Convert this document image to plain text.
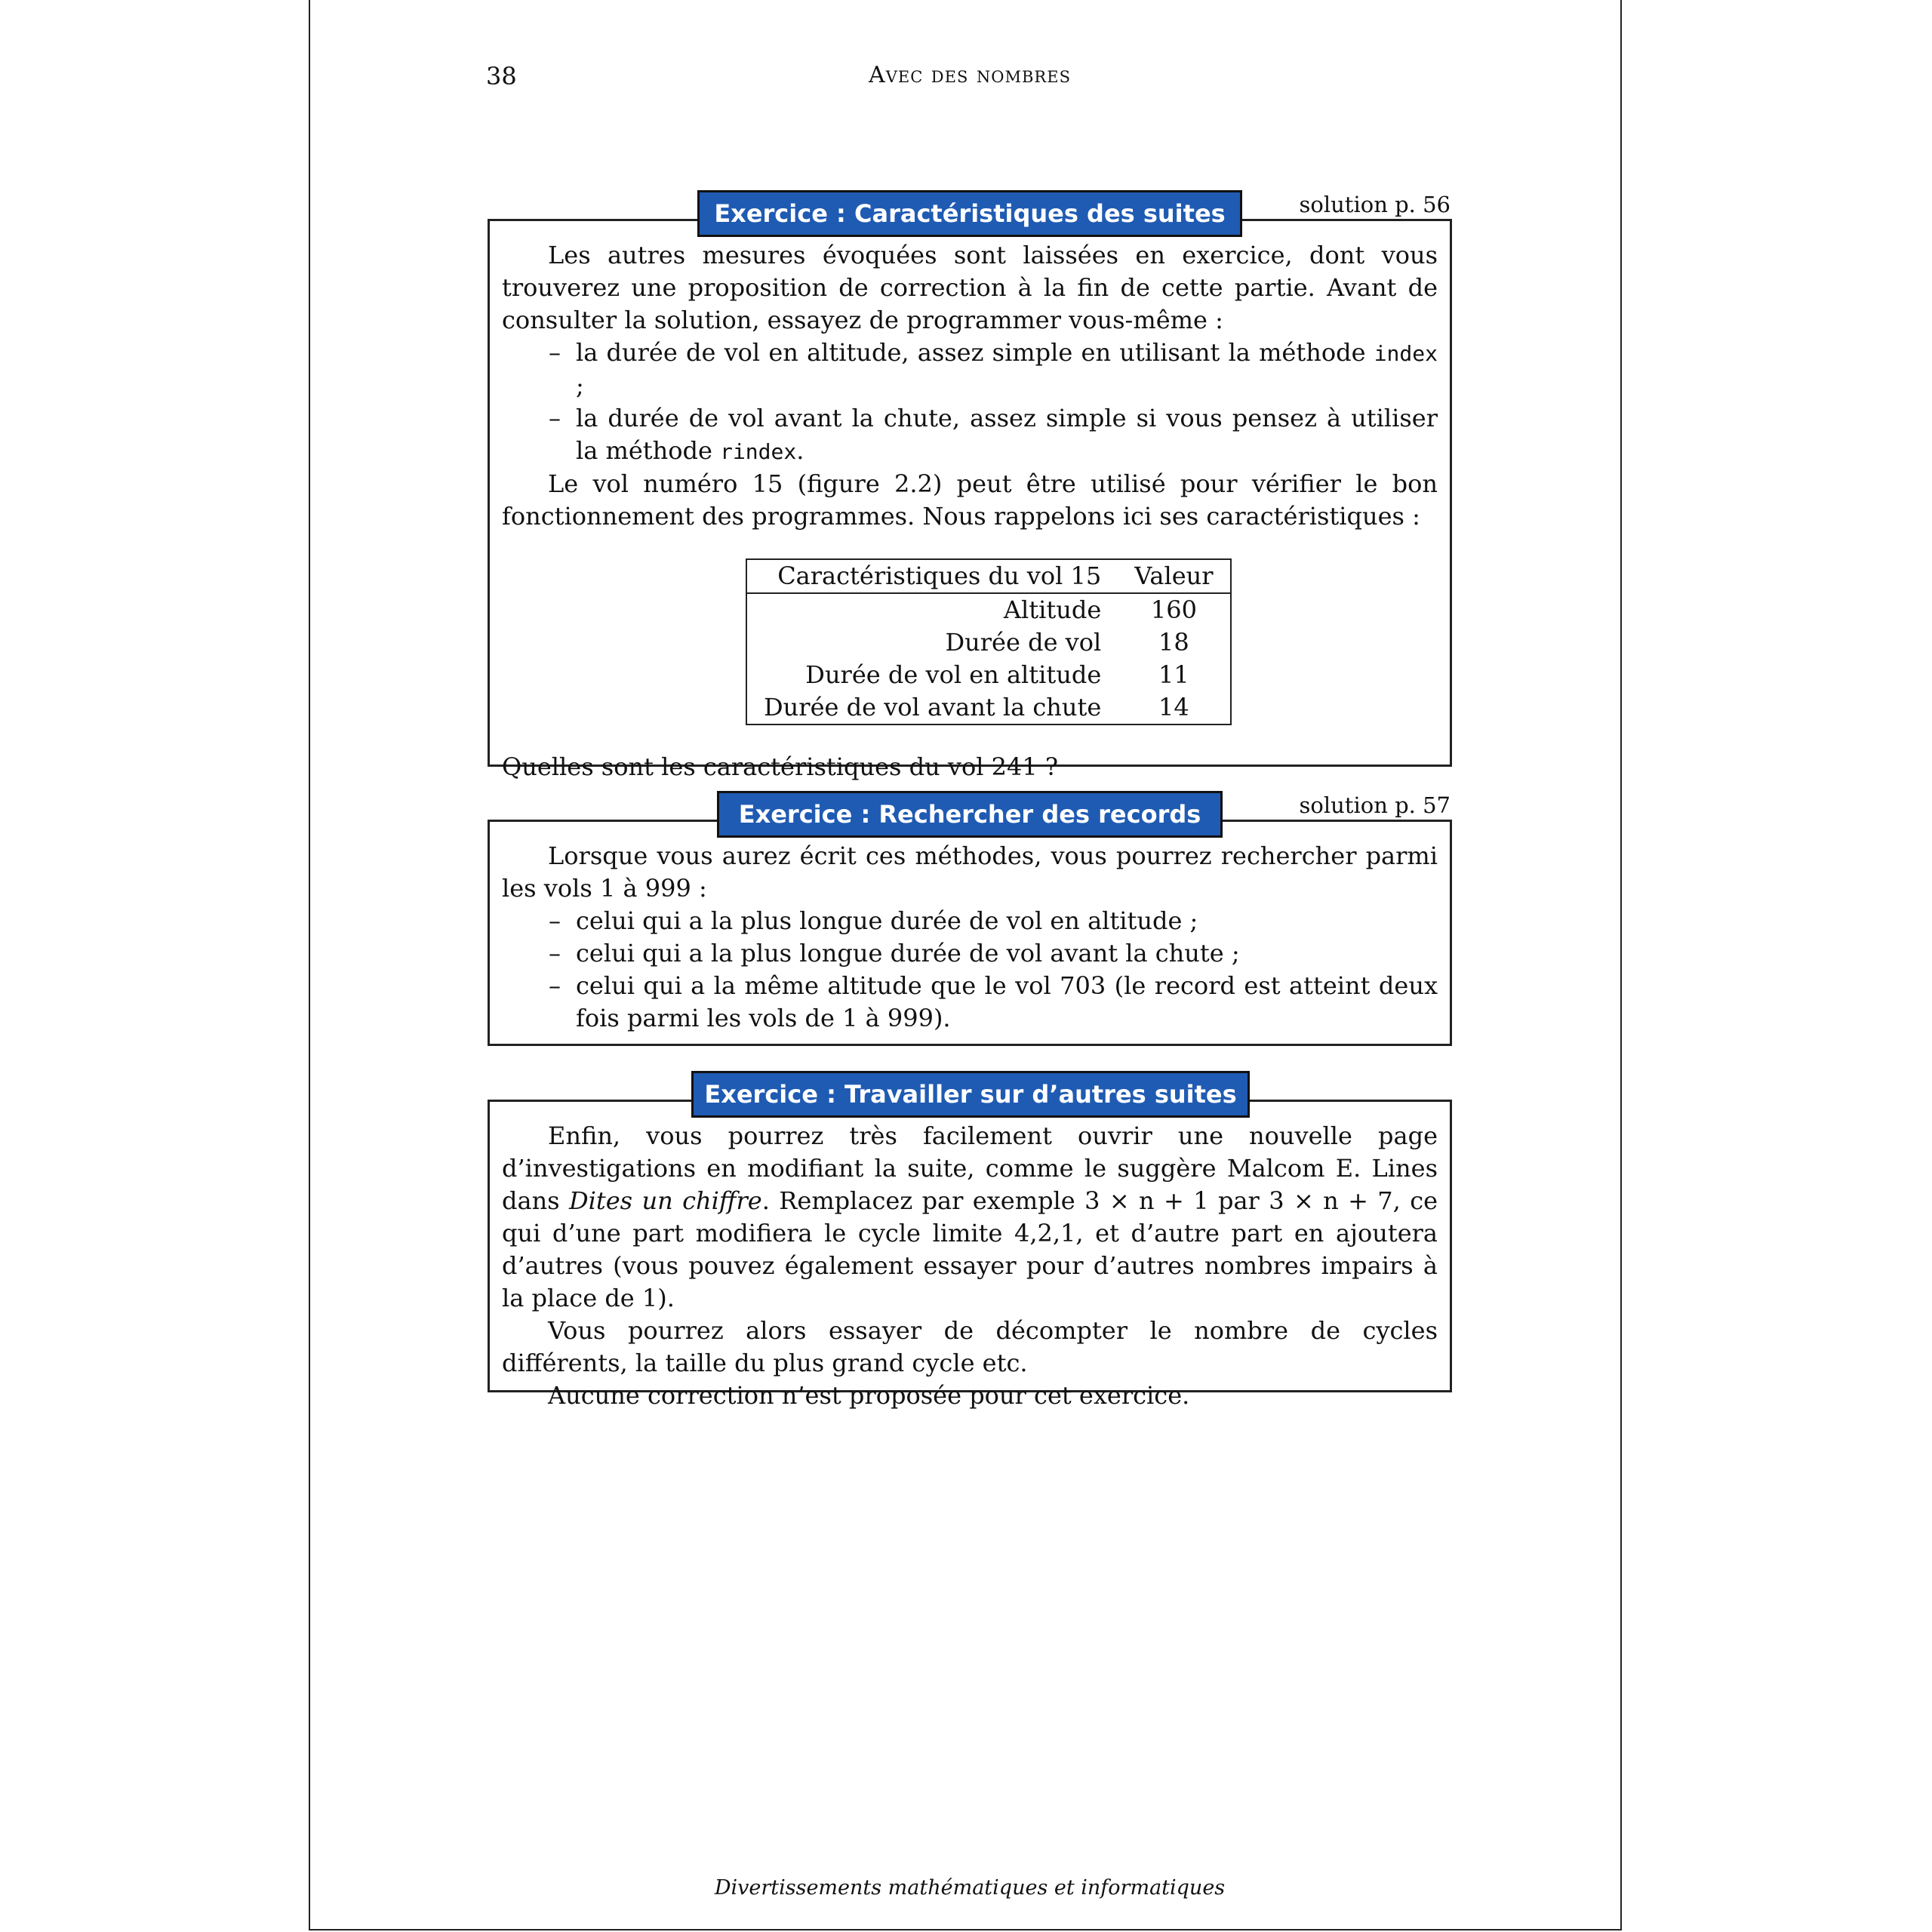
38	Avec des nombres
Exercice : Caractéristiques des suites	solution p. 56

Les autres mesures évoquées sont laissées en exercice, dont vous trouverez une proposition de correction à la fin de cette partie. Avant de consulter la solution, essayez de programmer vous-même :

– la durée de vol en altitude, assez simple en utilisant la méthode index ;

– la durée de vol avant la chute, assez simple si vous pensez à utiliser la méthode rindex.

Le vol numéro 15 (figure 2.2) peut être utilisé pour vérifier le bon fonctionnement des programmes. Nous rappelons ici ses caractéristiques :

Caractéristiques du vol 15	Valeur
Altitude	160
Durée de vol	18
Durée de vol en altitude	11
Durée de vol avant la chute	14

Quelles sont les caractéristiques du vol 241 ?

Exercice : Rechercher des records	solution p. 57

Lorsque vous aurez écrit ces méthodes, vous pourrez rechercher parmi les vols 1 à 999 :

– celui qui a la plus longue durée de vol en altitude ;

– celui qui a la plus longue durée de vol avant la chute ;

– celui qui a la même altitude que le vol 703 (le record est atteint deux fois parmi les vols de 1 à 999).

Exercice : Travailler sur d’autres suites

Enfin, vous pourrez très facilement ouvrir une nouvelle page d’investigations en modifiant la suite, comme le suggère Malcom E. Lines dans Dites un chiffre. Remplacez par exemple 3 × n + 1 par 3 × n + 7, ce qui d’une part modifiera le cycle limite 4,2,1, et d’autre part en ajoutera d’autres (vous pouvez également essayer pour d’autres nombres impairs à la place de 1).

Vous pourrez alors essayer de décompter le nombre de cycles différents, la taille du plus grand cycle etc.

Aucune correction n’est proposée pour cet exercice.

Divertissements mathématiques et informatiques
